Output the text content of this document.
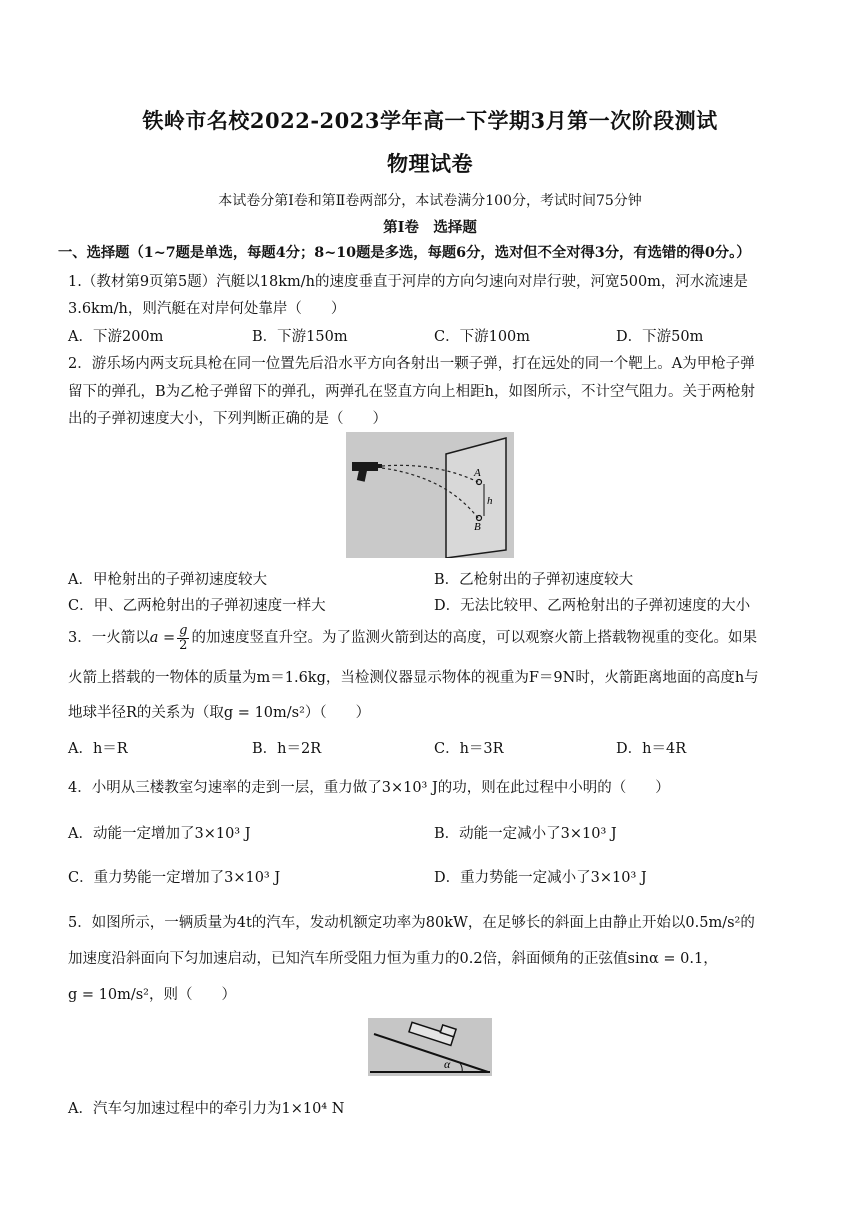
铁岭市名校2022-2023学年高一下学期3月第一次阶段测试
物理试卷
本试卷分第Ⅰ卷和第Ⅱ卷两部分，本试卷满分100分，考试时间75分钟
第Ⅰ卷　选择题
一、选择题（1~7题是单选，每题4分；8~10题是多选，每题6分，选对但不全对得3分，有选错的得0分。）
1.（教材第9页第5题）汽艇以18km/h的速度垂直于河岸的方向匀速向对岸行驶，河宽500m，河水流速是
3.6km/h，则汽艇在对岸何处靠岸（　　）
A．下游200m	B．下游150m	C．下游100m	D．下游50m
2．游乐场内两支玩具枪在同一位置先后沿水平方向各射出一颗子弹，打在远处的同一个靶上。A为甲枪子弹
留下的弹孔，B为乙枪子弹留下的弹孔，两弹孔在竖直方向上相距h，如图所示，不计空气阻力。关于两枪射
出的子弹初速度大小，下列判断正确的是（　　）
A
B
h
A．甲枪射出的子弹初速度较大	B．乙枪射出的子弹初速度较大
C．甲、乙两枪射出的子弹初速度一样大	D．无法比较甲、乙两枪射出的子弹初速度的大小
3．一火箭以$a = \frac{g}{2}$ 的加速度竖直升空。为了监测火箭到达的高度，可以观察火箭上搭载物视重的变化。如果
火箭上搭载的一物体的质量为m＝1.6kg，当检测仪器显示物体的视重为F＝9N时，火箭距离地面的高度h与
地球半径R的关系为（取g = 10m/s²）（　　）
A．h＝R	B．h＝2R	C．h＝3R	D．h＝4R
4．小明从三楼教室匀速率的走到一层，重力做了3×10³ J的功，则在此过程中小明的（　　）
A．动能一定增加了3×10³ J	B．动能一定减小了3×10³ J
C．重力势能一定增加了3×10³ J	D．重力势能一定减小了3×10³ J
5．如图所示，一辆质量为4t的汽车，发动机额定功率为80kW，在足够长的斜面上由静止开始以0.5m/s²的
加速度沿斜面向下匀加速启动，已知汽车所受阻力恒为重力的0.2倍，斜面倾角的正弦值sinα = 0.1，
g = 10m/s²，则（　　）
α
A．汽车匀加速过程中的牵引力为1×10⁴ N
